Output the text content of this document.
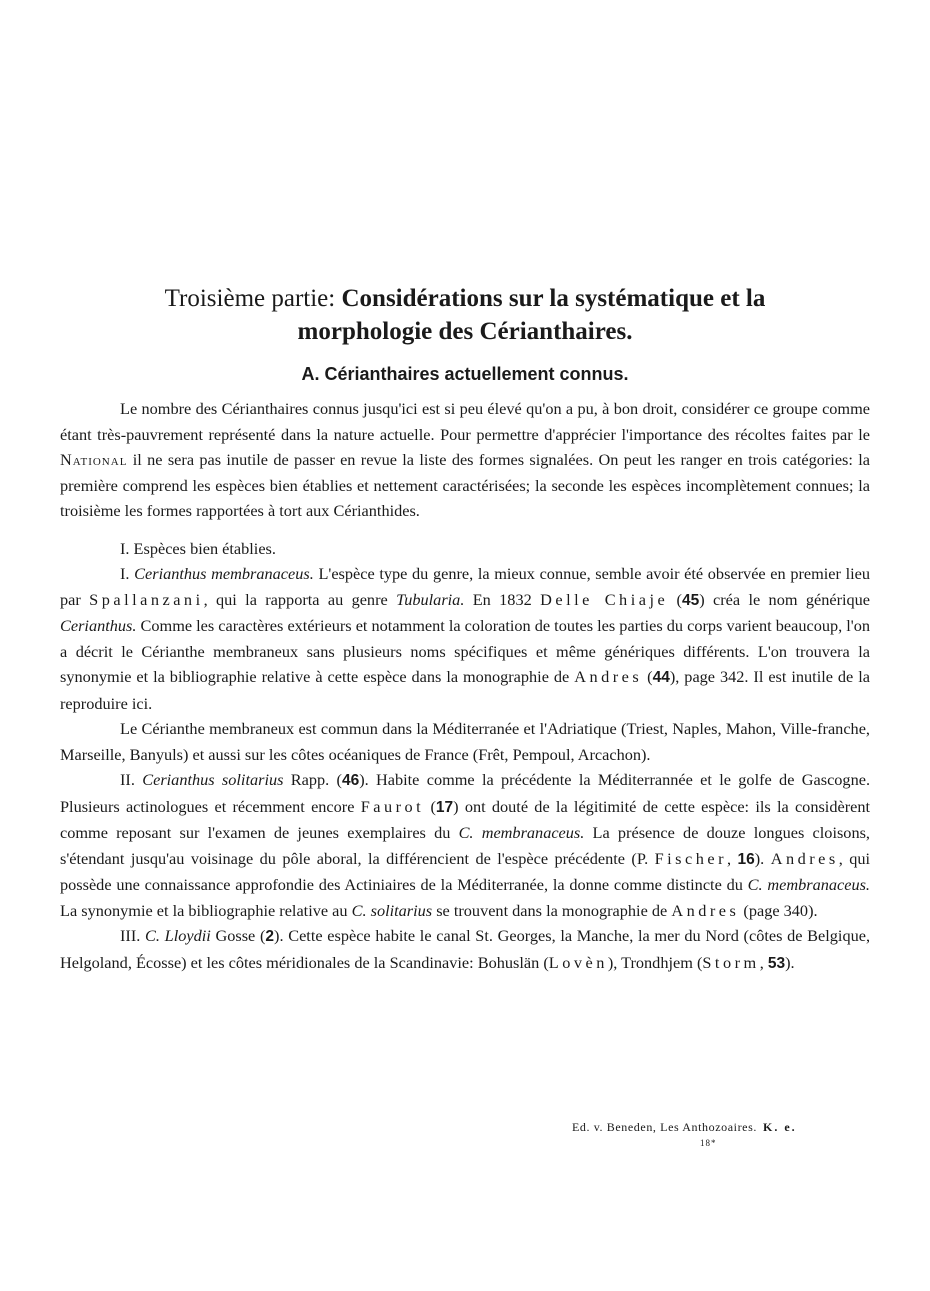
Troisième partie: Considérations sur la systématique et la
morphologie des Cérianthaires.
A. Cérianthaires actuellement connus.

Le nombre des Cérianthaires connus jusqu'ici est si peu élevé qu'on a pu, à bon droit, considérer ce groupe comme étant très-pauvrement représenté dans la nature actuelle. Pour permettre d'apprécier l'importance des récoltes faites par le National il ne sera pas inutile de passer en revue la liste des formes signalées. On peut les ranger en trois catégories: la première comprend les espèces bien établies et nettement caractérisées; la seconde les espèces incomplètement connues; la troisième les formes rapportées à tort aux Cérianthides.

I. Espèces bien établies.

I. Cerianthus membranaceus. L'espèce type du genre, la mieux connue, semble avoir été observée en premier lieu par Spallanzani, qui la rapporta au genre Tubularia. En 1832 Delle Chiaje (45) créa le nom générique Cerianthus. Comme les caractères extérieurs et notamment la coloration de toutes les parties du corps varient beaucoup, l'on a décrit le Cérianthe membraneux sans plusieurs noms spécifiques et même génériques différents. L'on trouvera la synonymie et la bibliographie relative à cette espèce dans la monographie de Andres (44), page 342. Il est inutile de la reproduire ici.

Le Cérianthe membraneux est commun dans la Méditerranée et l'Adriatique (Triest, Naples, Mahon, Ville-franche, Marseille, Banyuls) et aussi sur les côtes océaniques de France (Frêt, Pempoul, Arcachon).

II. Cerianthus solitarius Rapp. (46). Habite comme la précédente la Méditerrannée et le golfe de Gascogne. Plusieurs actinologues et récemment encore Faurot (17) ont douté de la légitimité de cette espèce: ils la considèrent comme reposant sur l'examen de jeunes exemplaires du C. membranaceus. La présence de douze longues cloisons, s'étendant jusqu'au voisinage du pôle aboral, la différencient de l'espèce précédente (P. Fischer, 16). Andres, qui possède une connaissance approfondie des Actiniaires de la Méditerranée, la donne comme distincte du C. membranaceus. La synonymie et la bibliographie relative au C. solitarius se trouvent dans la monographie de Andres (page 340).

III. C. Lloydii Gosse (2). Cette espèce habite le canal St. Georges, la Manche, la mer du Nord (côtes de Belgique, Helgoland, Écosse) et les côtes méridionales de la Scandinavie: Bohuslän (Lovèn), Trondhjem (Storm, 53).

Ed. v. Beneden, Les Anthozoaires. K. e.
18*
